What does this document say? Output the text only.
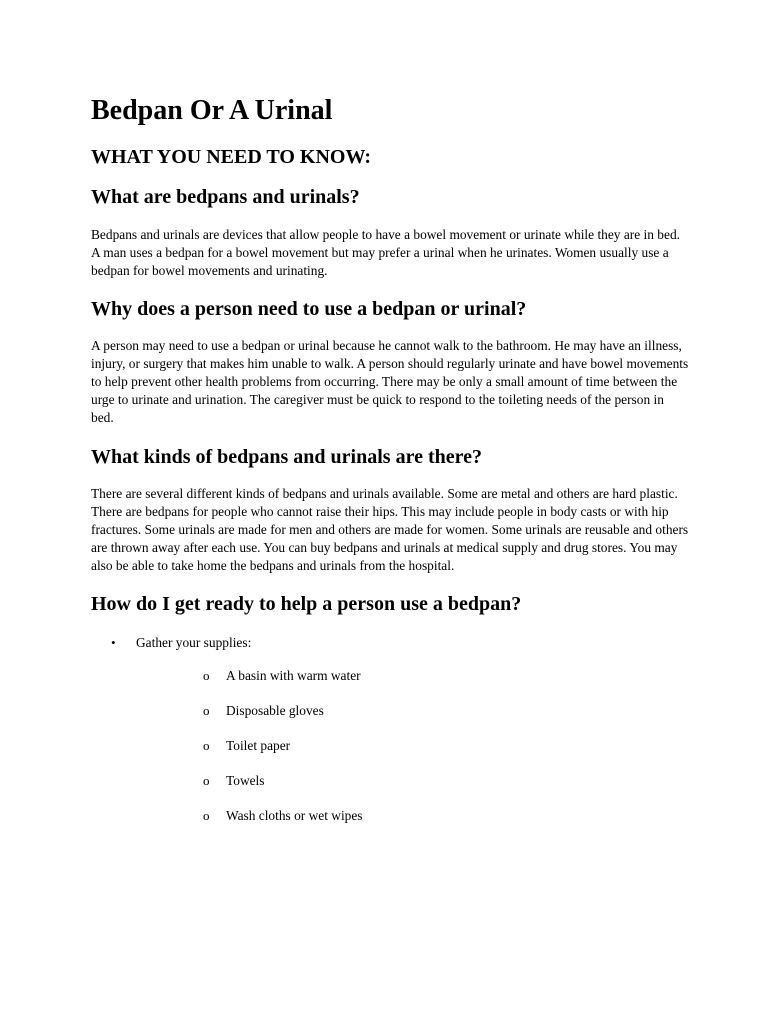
Bedpan Or A Urinal
WHAT YOU NEED TO KNOW:
What are bedpans and urinals?

Bedpans and urinals are devices that allow people to have a bowel movement or urinate while they are in bed. A man uses a bedpan for a bowel movement but may prefer a urinal when he urinates. Women usually use a bedpan for bowel movements and urinating.

Why does a person need to use a bedpan or urinal?

A person may need to use a bedpan or urinal because he cannot walk to the bathroom. He may have an illness, injury, or surgery that makes him unable to walk. A person should regularly urinate and have bowel movements to help prevent other health problems from occurring. There may be only a small amount of time between the urge to urinate and urination. The caregiver must be quick to respond to the toileting needs of the person in bed.

What kinds of bedpans and urinals are there?

There are several different kinds of bedpans and urinals available. Some are metal and others are hard plastic. There are bedpans for people who cannot raise their hips. This may include people in body casts or with hip fractures. Some urinals are made for men and others are made for women. Some urinals are reusable and others are thrown away after each use. You can buy bedpans and urinals at medical supply and drug stores. You may also be able to take home the bedpans and urinals from the hospital.

How do I get ready to help a person use a bedpan?
• Gather your supplies:
o A basin with warm water
o Disposable gloves
o Toilet paper
o Towels
o Wash cloths or wet wipes
